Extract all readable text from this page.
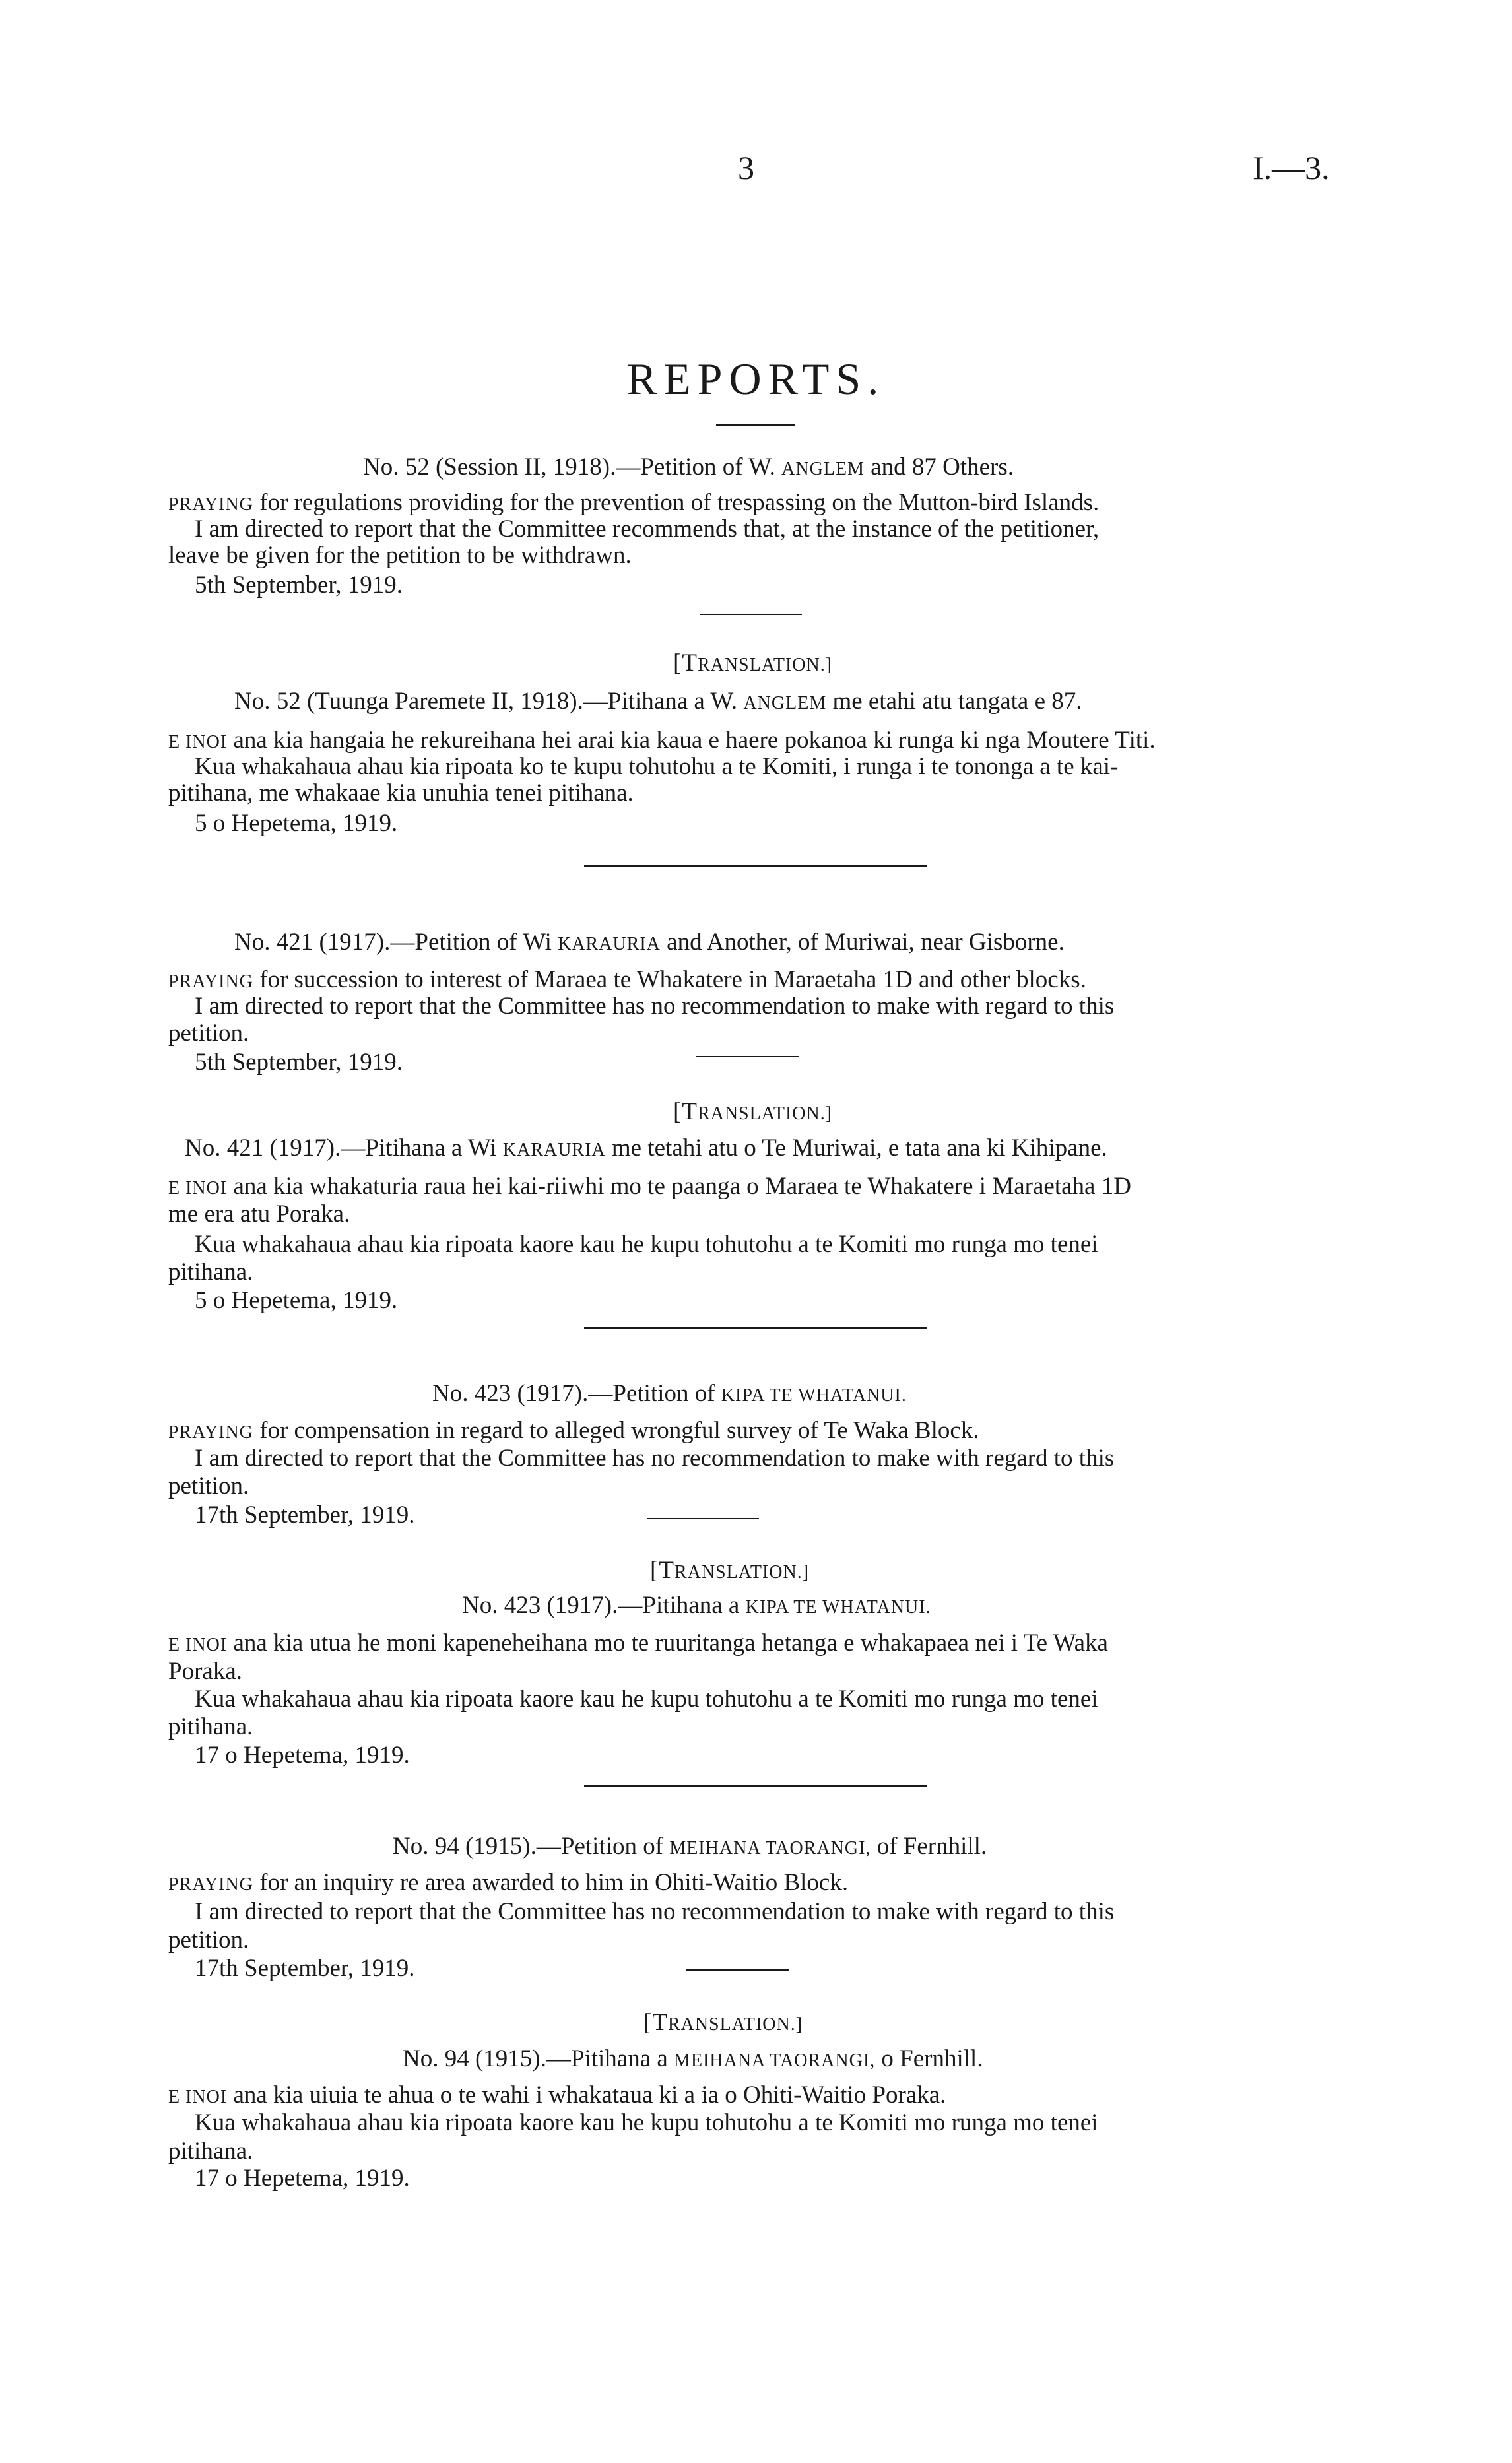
3	I.—3.
REPORTS.
No. 52 (Session II, 1918).—Petition of W. ANGLEM and 87 Others.
PRAYING for regulations providing for the prevention of trespassing on the Mutton-bird Islands.
I am directed to report that the Committee recommends that, at the instance of the petitioner,
leave be given for the petition to be withdrawn.
5th September, 1919.
[TRANSLATION.]
No. 52 (Tuunga Paremete II, 1918).—Pitihana a W. ANGLEM me etahi atu tangata e 87.
E INOI ana kia hangaia he rekureihana hei arai kia kaua e haere pokanoa ki runga ki nga Moutere Titi.
Kua whakahaua ahau kia ripoata ko te kupu tohutohu a te Komiti, i runga i te tononga a te kai-
pitihana, me whakaae kia unuhia tenei pitihana.
5 o Hepetema, 1919.
No. 421 (1917).—Petition of Wi KARAURIA and Another, of Muriwai, near Gisborne.
PRAYING for succession to interest of Maraea te Whakatere in Maraetaha 1D and other blocks.
I am directed to report that the Committee has no recommendation to make with regard to this
petition.
5th September, 1919.
[TRANSLATION.]
No. 421 (1917).—Pitihana a Wi KARAURIA me tetahi atu o Te Muriwai, e tata ana ki Kihipane.
E INOI ana kia whakaturia raua hei kai-riiwhi mo te paanga o Maraea te Whakatere i Maraetaha 1D
me era atu Poraka.
Kua whakahaua ahau kia ripoata kaore kau he kupu tohutohu a te Komiti mo runga mo tenei
pitihana.
5 o Hepetema, 1919.
No. 423 (1917).—Petition of KIPA TE WHATANUI.
PRAYING for compensation in regard to alleged wrongful survey of Te Waka Block.
I am directed to report that the Committee has no recommendation to make with regard to this
petition.
17th September, 1919.
[TRANSLATION.]
No. 423 (1917).—Pitihana a KIPA TE WHATANUI.
E INOI ana kia utua he moni kapeneheihana mo te ruuritanga hetanga e whakapaea nei i Te Waka
Poraka.
Kua whakahaua ahau kia ripoata kaore kau he kupu tohutohu a te Komiti mo runga mo tenei
pitihana.
17 o Hepetema, 1919.
No. 94 (1915).—Petition of MEIHANA TAORANGI, of Fernhill.
PRAYING for an inquiry re area awarded to him in Ohiti-Waitio Block.
I am directed to report that the Committee has no recommendation to make with regard to this
petition.
17th September, 1919.
[TRANSLATION.]
No. 94 (1915).—Pitihana a MEIHANA TAORANGI, o Fernhill.
E INOI ana kia uiuia te ahua o te wahi i whakataua ki a ia o Ohiti-Waitio Poraka.
Kua whakahaua ahau kia ripoata kaore kau he kupu tohutohu a te Komiti mo runga mo tenei
pitihana.
17 o Hepetema, 1919.
